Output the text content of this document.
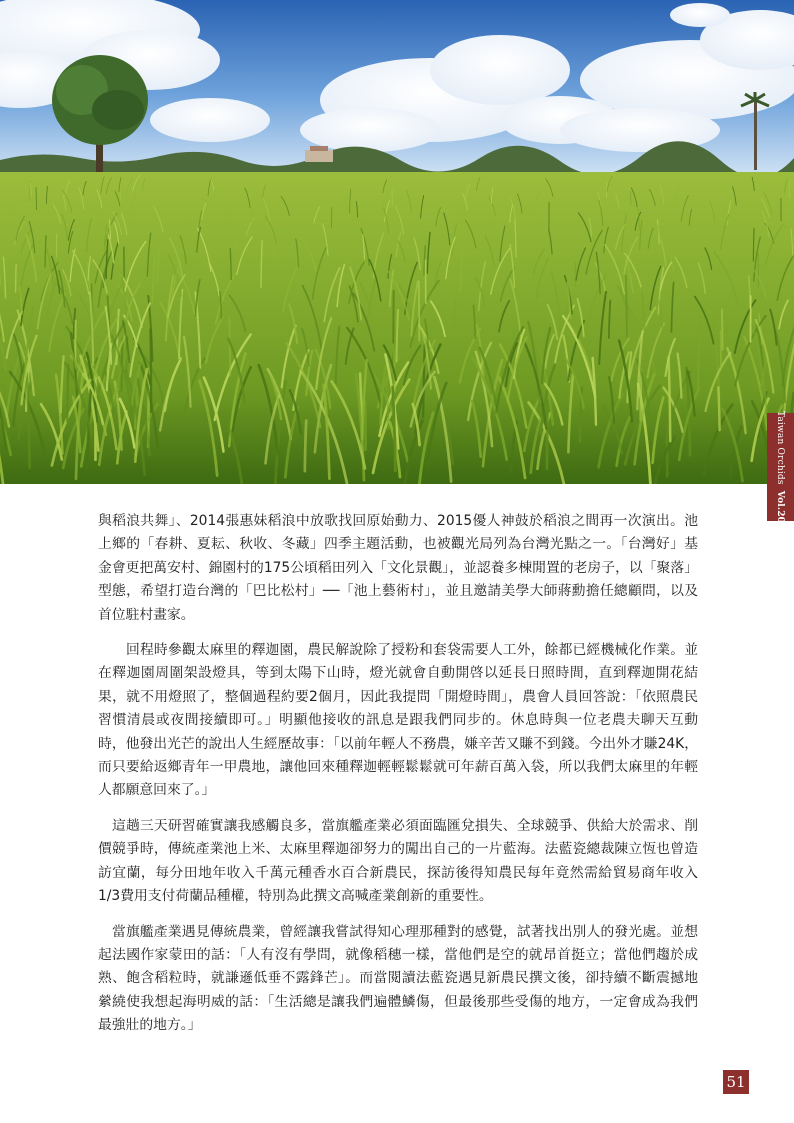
Taiwan OrchidsVol.20

與稻浪共舞」、2014張惠妹稻浪中放歌找回原始動力、2015優人神鼓於稻浪之間再一次演出。池上鄉的「春耕、夏耘、秋收、冬藏」四季主題活動，也被觀光局列為台灣光點之一。「台灣好」基金會更把萬安村、錦園村的175公頃稻田列入「文化景觀」，並認養多棟閒置的老房子，以「聚落」型態，希望打造台灣的「巴比松村」──「池上藝術村」，並且邀請美學大師蔣勳擔任總顧問，以及首位駐村畫家。

回程時參觀太麻里的釋迦園，農民解說除了授粉和套袋需要人工外，餘都已經機械化作業。並在釋迦園周圍架設燈具，等到太陽下山時，燈光就會自動開啓以延長日照時間，直到釋迦開花結果，就不用燈照了，整個過程約要2個月，因此我提問「開燈時間」，農會人員回答說：「依照農民習慣清晨或夜間接續即可。」明顯他接收的訊息是跟我們同步的。休息時與一位老農夫聊天互動時，他發出光芒的說出人生經歷故事：「以前年輕人不務農，嫌辛苦又賺不到錢。今出外才賺24K，而只要給返鄉青年一甲農地，讓他回來種釋迦輕輕鬆鬆就可年薪百萬入袋，所以我們太麻里的年輕人都願意回來了。」

這趟三天研習確實讓我感觸良多，當旗艦產業必須面臨匯兌損失、全球競爭、供給大於需求、削價競爭時，傳統產業池上米、太麻里釋迦卻努力的闖出自己的一片藍海。法藍瓷總裁陳立恆也曾造訪宜蘭，每分田地年收入千萬元種香水百合新農民，探訪後得知農民每年竟然需給貿易商年收入1/3費用支付荷蘭品種權，特別為此撰文高喊產業創新的重要性。

當旗艦產業遇見傳統農業，曾經讓我嘗試得知心理那種對的感覺，試著找出別人的發光處。並想起法國作家蒙田的話：「人有沒有學問，就像稻穗一樣，當他們是空的就昂首挺立；當他們趨於成熟、飽含稻粒時，就謙遜低垂不露鋒芒」。而當閱讀法藍瓷遇見新農民撰文後，卻持續不斷震撼地縈繞使我想起海明威的話：「生活總是讓我們遍體鱗傷，但最後那些受傷的地方，一定會成為我們最強壯的地方。」

51
